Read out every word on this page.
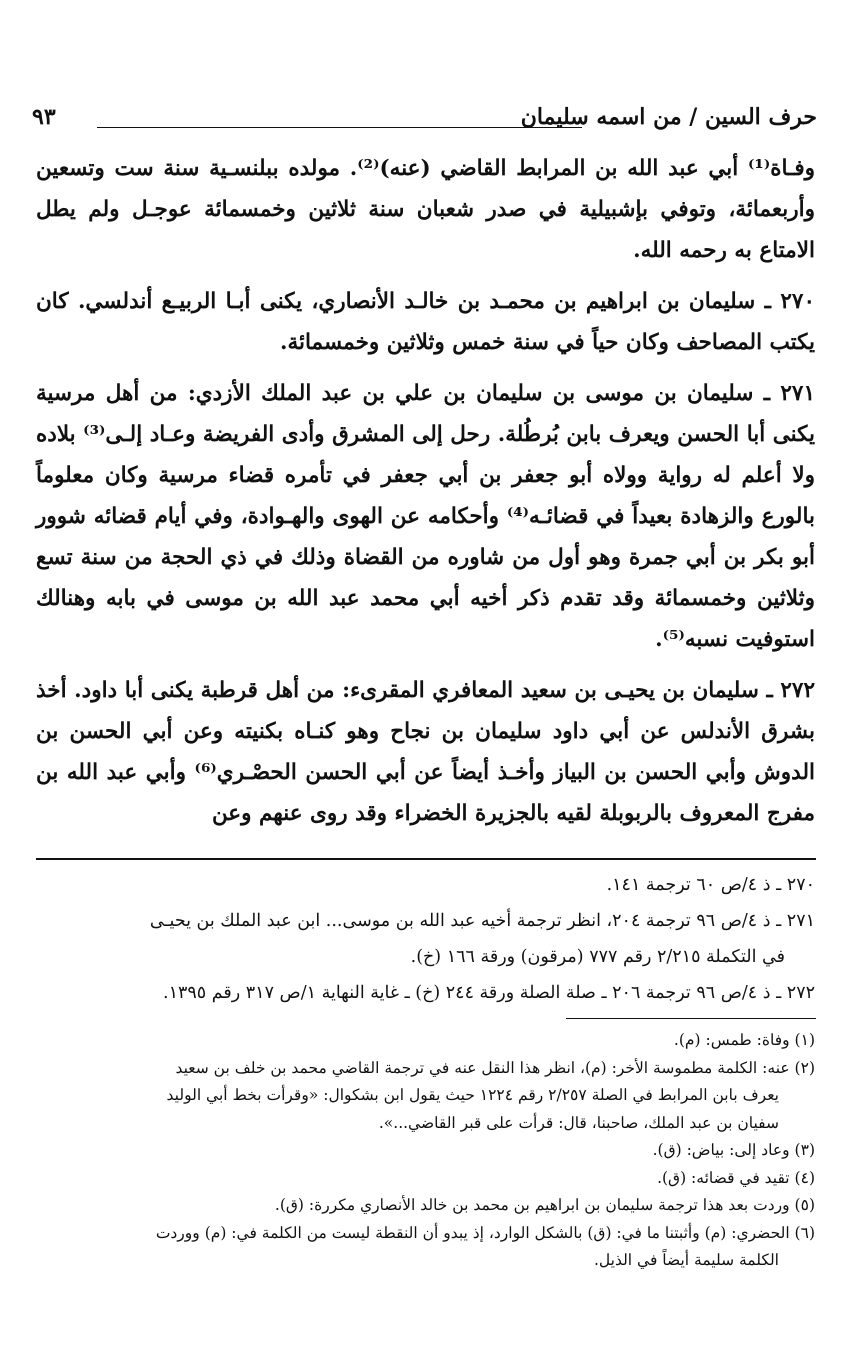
حرف السين / من اسمه سليمان
٩٣

وفـاة⁽¹⁾ أبي عبد الله بن المرابط القاضي (عنه)⁽²⁾. مولده ببلنسـية سنة ست وتسعين وأربعمائة، وتوفي بإشبيلية في صدر شعبان سنة ثلاثين وخمسمائة عوجـل ولم يطل الامتاع به رحمه الله.

٢٧٠ ـ سليمان بن ابراهيم بن محمـد بن خالـد الأنصاري، يكنى أبـا الربيـع أندلسي. كان يكتب المصاحف وكان حياً في سنة خمس وثلاثين وخمسمائة.

٢٧١ ـ سليمان بن موسى بن سليمان بن علي بن عبد الملك الأزدي: من أهل مرسية يكنى أبا الحسن ويعرف بابن بُرطُلة. رحل إلى المشرق وأدى الفريضة وعـاد إلـى⁽³⁾ بلاده ولا أعلم له رواية وولاه أبو جعفر بن أبي جعفر في تأمره قضاء مرسية وكان معلوماً بالورع والزهادة بعيداً في قضائـه⁽⁴⁾ وأحكامه عن الهوى والهـوادة، وفي أيام قضائه شوور أبو بكر بن أبي جمرة وهو أول من شاوره من القضاة وذلك في ذي الحجة من سنة تسع وثلاثين وخمسمائة وقد تقدم ذكر أخيه أبي محمد عبد الله بن موسى في بابه وهنالك استوفيت نسبه⁽⁵⁾.

٢٧٢ ـ سليمان بن يحيـى بن سعيد المعافري المقرىء: من أهل قرطبة يكنى أبا داود. أخذ بشرق الأندلس عن أبي داود سليمان بن نجاح وهو كنـاه بكنيته وعن أبي الحسن بن الدوش وأبي الحسن بن البياز وأخـذ أيضاً عن أبي الحسن الحصْـري⁽⁶⁾ وأبي عبد الله بن مفرج المعروف بالربوبلة لقيه بالجزيرة الخضراء وقد روى عنهم وعن

٢٧٠ ـ ذ ٤/ص ٦٠ ترجمة ١٤١.

٢٧١ ـ ذ ٤/ص ٩٦ ترجمة ٢٠٤، انظر ترجمة أخيه عبد الله بن موسى... ابن عبد الملك بن يحيـى

في التكملة ٢/٢١٥ رقم ٧٧٧ (مرقون) ورقة ١٦٦ (خ).

٢٧٢ ـ ذ ٤/ص ٩٦ ترجمة ٢٠٦ ـ صلة الصلة ورقة ٢٤٤ (خ) ـ غاية النهاية ١/ص ٣١٧ رقم ١٣٩٥.

(١) وفاة: طمس: (م).

(٢) عنه: الكلمة مطموسة الأخر: (م)، انظر هذا النقل عنه في ترجمة القاضي محمد بن خلف بن سعيد

يعرف بابن المرابط في الصلة ٢/٢٥٧ رقم ١٢٢٤ حيث يقول ابن بشكوال: «وقرأت بخط أبي الوليد

سفيان بن عبد الملك، صاحبنا، قال: قرأت على قبر القاضي...».

(٣) وعاد إلى: بياض: (ق).

(٤) تقيد في قضائه: (ق).

(٥) وردت بعد هذا ترجمة سليمان بن ابراهيم بن محمد بن خالد الأنصاري مكررة: (ق).

(٦) الحضري: (م) وأثبتنا ما في: (ق) بالشكل الوارد، إذ يبدو أن النقطة ليست من الكلمة في: (م) ووردت

الكلمة سليمة أيضاً في الذيل.
